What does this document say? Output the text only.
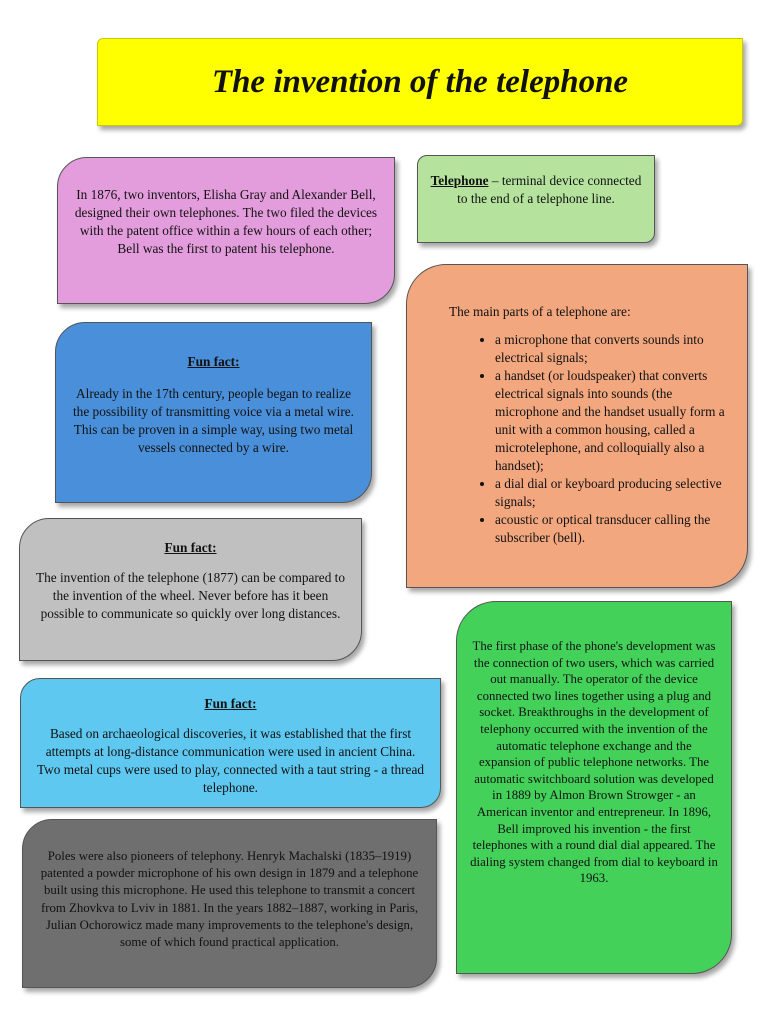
The invention of the telephone

In 1876, two inventors, Elisha Gray and Alexander Bell, designed their own telephones. The two filed the devices with the patent office within a few hours of each other; Bell was the first to patent his telephone.

Telephone – terminal device connected to the end of a telephone line.

Fun fact:

Already in the 17th century, people began to realize the possibility of transmitting voice via a metal wire. This can be proven in a simple way, using two metal vessels connected by a wire.

The main parts of a telephone are:

• a microphone that converts sounds into electrical signals;
• a handset (or loudspeaker) that converts electrical signals into sounds (the microphone and the handset usually form a unit with a common housing, called a microtelephone, and colloquially also a handset);
• a dial dial or keyboard producing selective signals;
• acoustic or optical transducer calling the subscriber (bell).

Fun fact:

The invention of the telephone (1877) can be compared to the invention of the wheel. Never before has it been possible to communicate so quickly over long distances.

The first phase of the phone's development was the connection of two users, which was carried out manually. The operator of the device connected two lines together using a plug and socket. Breakthroughs in the development of telephony occurred with the invention of the automatic telephone exchange and the expansion of public telephone networks. The automatic switchboard solution was developed in 1889 by Almon Brown Strowger - an American inventor and entrepreneur. In 1896, Bell improved his invention - the first telephones with a round dial dial appeared. The dialing system changed from dial to keyboard in 1963.

Fun fact:

Based on archaeological discoveries, it was established that the first attempts at long-distance communication were used in ancient China. Two metal cups were used to play, connected with a taut string - a thread telephone.

Poles were also pioneers of telephony. Henryk Machalski (1835–1919) patented a powder microphone of his own design in 1879 and a telephone built using this microphone. He used this telephone to transmit a concert from Zhovkva to Lviv in 1881. In the years 1882–1887, working in Paris, Julian Ochorowicz made many improvements to the telephone's design, some of which found practical application.
